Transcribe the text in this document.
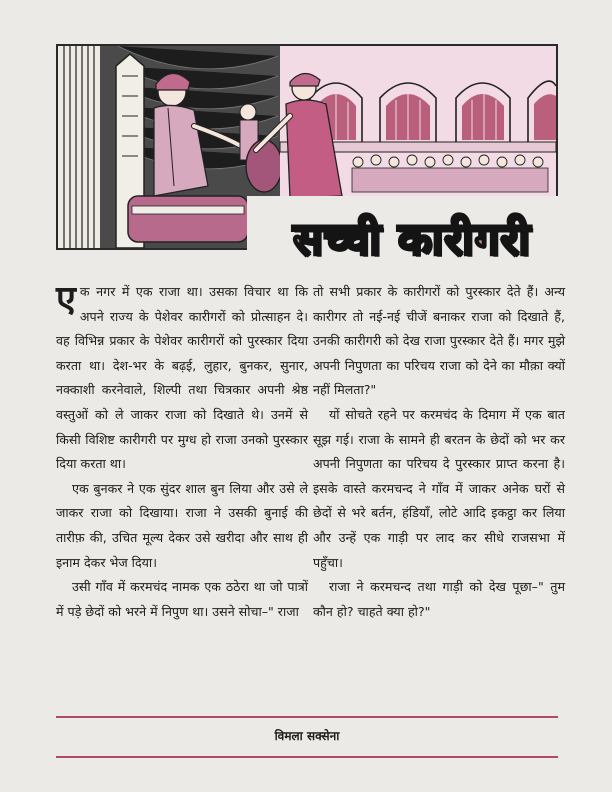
सच्ची कारीगरी

एक नगर में एक राजा था। उसका विचार था कि अपने राज्य के पेशेवर कारीगरों को प्रोत्साहन दे। वह विभिन्न प्रकार के पेशेवर कारीगरों को पुरस्कार दिया करता था। देश-भर के बढ़ई, लुहार, बुनकर, सुनार, नक्काशी करनेवाले, शिल्पी तथा चित्रकार अपनी श्रेष्ठ वस्तुओं को ले जाकर राजा को दिखाते थे। उनमें से किसी विशिष्ट कारीगरी पर मुग्ध हो राजा उनको पुरस्कार दिया करता था।

एक बुनकर ने एक सुंदर शाल बुन लिया और उसे ले जाकर राजा को दिखाया। राजा ने उसकी बुनाई की तारीफ़ की, उचित मूल्य देकर उसे खरीदा और साथ ही इनाम देकर भेज दिया।

उसी गाँव में करमचंद नामक एक ठठेरा था जो पात्रों में पड़े छेदों को भरने में निपुण था। उसने सोचा–" राजा

तो सभी प्रकार के कारीगरों को पुरस्कार देते हैं। अन्य कारीगर तो नई-नई चीजें बनाकर राजा को दिखाते हैं, उनकी कारीगरी को देख राजा पुरस्कार देते हैं। मगर मुझे अपनी निपुणता का परिचय राजा को देने का मौक़ा क्यों नहीं मिलता?"

यों सोचते रहने पर करमचंद के दिमाग में एक बात सूझ गई। राजा के सामने ही बरतन के छेदों को भर कर अपनी निपुणता का परिचय दे पुरस्कार प्राप्त करना है। इसके वास्ते करमचन्द ने गाँव में जाकर अनेक घरों से छेदों से भरे बर्तन, हंडियाँ, लोटे आदि इकट्ठा कर लिया और उन्हें एक गाड़ी पर लाद कर सीधे राजसभा में पहुँचा।

राजा ने करमचन्द तथा गाड़ी को देख पूछा–" तुम कौन हो? चाहते क्या हो?"

विमला सक्सेना
